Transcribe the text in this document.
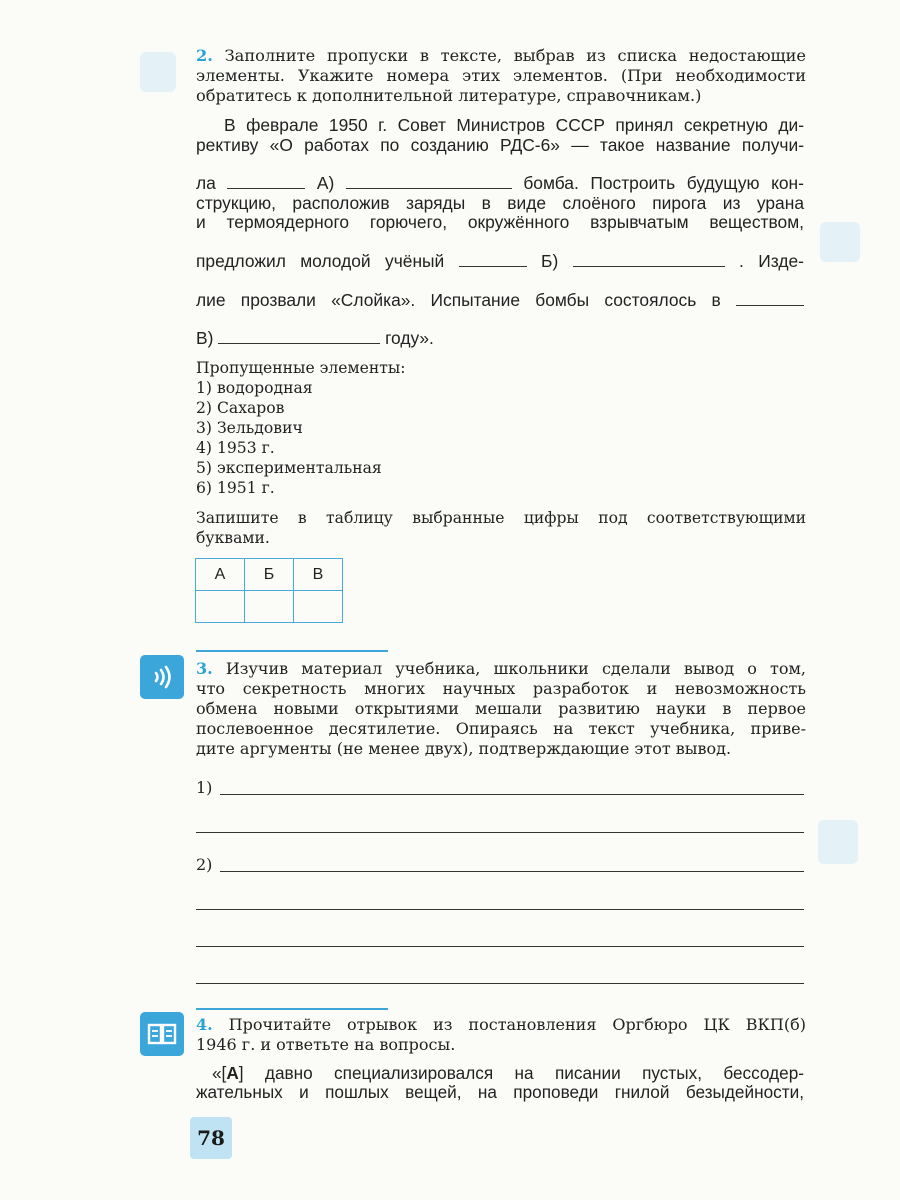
2. Заполните пропуски в тексте, выбрав из списка недостающие
элементы. Укажите номера этих элементов. (При необходимости
обратитесь к дополнительной литературе, справочникам.)
В феврале 1950 г. Совет Министров СССР принял секретную ди-
рективу «О работах по созданию РДС-6» — такое название получи-
ла	А)	бомба. Построить будущую кон-
струкцию, расположив заряды в виде слоёного пирога из урана
и термоядерного горючего, окружённого взрывчатым веществом,
предложил молодой учёный	Б)	. Изде-
лие прозвали «Слойка». Испытание бомбы состоялось в
В)	году».
Пропущенные элементы:
1) водородная
2) Сахаров
3) Зельдович
4) 1953 г.
5) экспериментальная
6) 1951 г.
Запишите в таблицу выбранные цифры под соответствующими
буквами.
А	Б	В

3. Изучив материал учебника, школьники сделали вывод о том,
что секретность многих научных разработок и невозможность
обмена новыми открытиями мешали развитию науки в первое
послевоенное десятилетие. Опираясь на текст учебника, приве-
дите аргументы (не менее двух), подтверждающие этот вывод.
1)
2)
4. Прочитайте отрывок из постановления Оргбюро ЦК ВКП(б)
1946 г. и ответьте на вопросы.
«[А] давно специализировался на писании пустых, бессодер-
жательных и пошлых вещей, на проповеди гнилой безыдейности,
78
